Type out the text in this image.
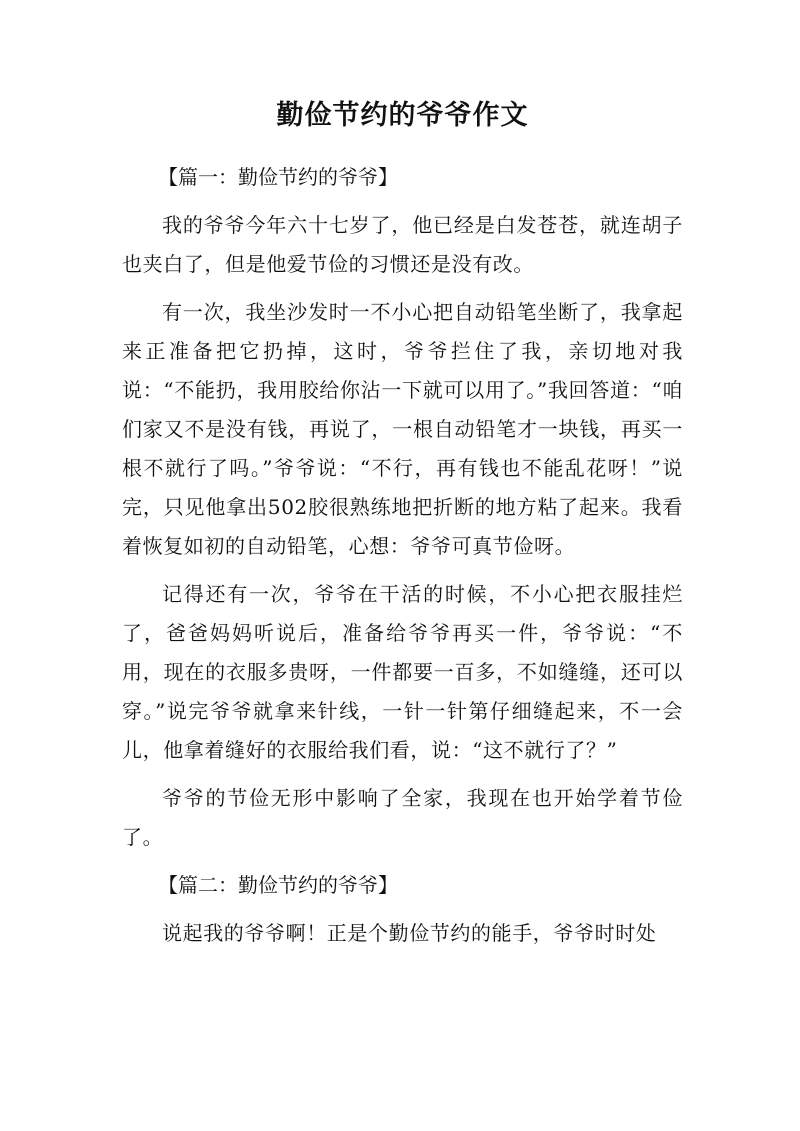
勤俭节约的爷爷作文
【篇一：勤俭节约的爷爷】

我的爷爷今年六十七岁了，他已经是白发苍苍，就连胡子也夹白了，但是他爱节俭的习惯还是没有改。

有一次，我坐沙发时一不小心把自动铅笔坐断了，我拿起来正准备把它扔掉，这时，爷爷拦住了我，亲切地对我说：“不能扔，我用胶给你沾一下就可以用了。”我回答道：“咱们家又不是没有钱，再说了，一根自动铅笔才一块钱，再买一根不就行了吗。”爷爷说：“不行，再有钱也不能乱花呀！”说完，只见他拿出502胶很熟练地把折断的地方粘了起来。我看着恢复如初的自动铅笔，心想：爷爷可真节俭呀。

记得还有一次，爷爷在干活的时候，不小心把衣服挂烂了，爸爸妈妈听说后，准备给爷爷再买一件，爷爷说：“不用，现在的衣服多贵呀，一件都要一百多，不如缝缝，还可以穿。”说完爷爷就拿来针线，一针一针第仔细缝起来，不一会儿，他拿着缝好的衣服给我们看，说：“这不就行了？”

爷爷的节俭无形中影响了全家，我现在也开始学着节俭了。

【篇二：勤俭节约的爷爷】

说起我的爷爷啊！正是个勤俭节约的能手，爷爷时时处
